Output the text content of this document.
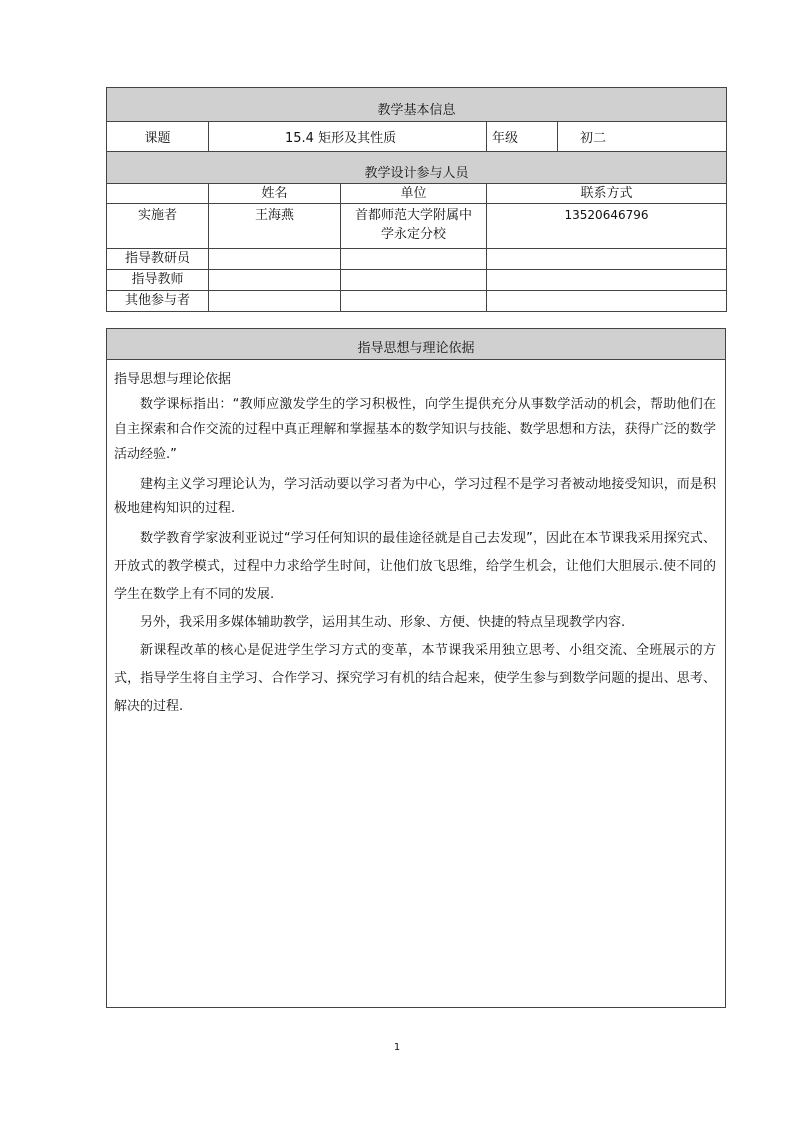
教学基本信息				
课题	15.4 矩形及其性质		年级	初二
教学设计参与人员				
	姓名	单位	联系方式	
实施者	王海燕	首都师范大学附属中学永定分校	13520646796	
指导教研员				
指导教师				
其他参与者				
指导思想与理论依据

指导思想与理论依据

数学课标指出：“教师应激发学生的学习积极性，向学生提供充分从事数学活动的机会，帮助他们在自主探索和合作交流的过程中真正理解和掌握基本的数学知识与技能、数学思想和方法，获得广泛的数学活动经验.”

建构主义学习理论认为，学习活动要以学习者为中心，学习过程不是学习者被动地接受知识，而是积极地建构知识的过程.

数学教育学家波利亚说过“学习任何知识的最佳途径就是自己去发现”，因此在本节课我采用探究式、开放式的教学模式，过程中力求给学生时间，让他们放飞思维，给学生机会，让他们大胆展示.使不同的学生在数学上有不同的发展.

另外，我采用多媒体辅助教学，运用其生动、形象、方便、快捷的特点呈现教学内容.

新课程改革的核心是促进学生学习方式的变革，本节课我采用独立思考、小组交流、全班展示的方式，指导学生将自主学习、合作学习、探究学习有机的结合起来，使学生参与到数学问题的提出、思考、解决的过程.

1
